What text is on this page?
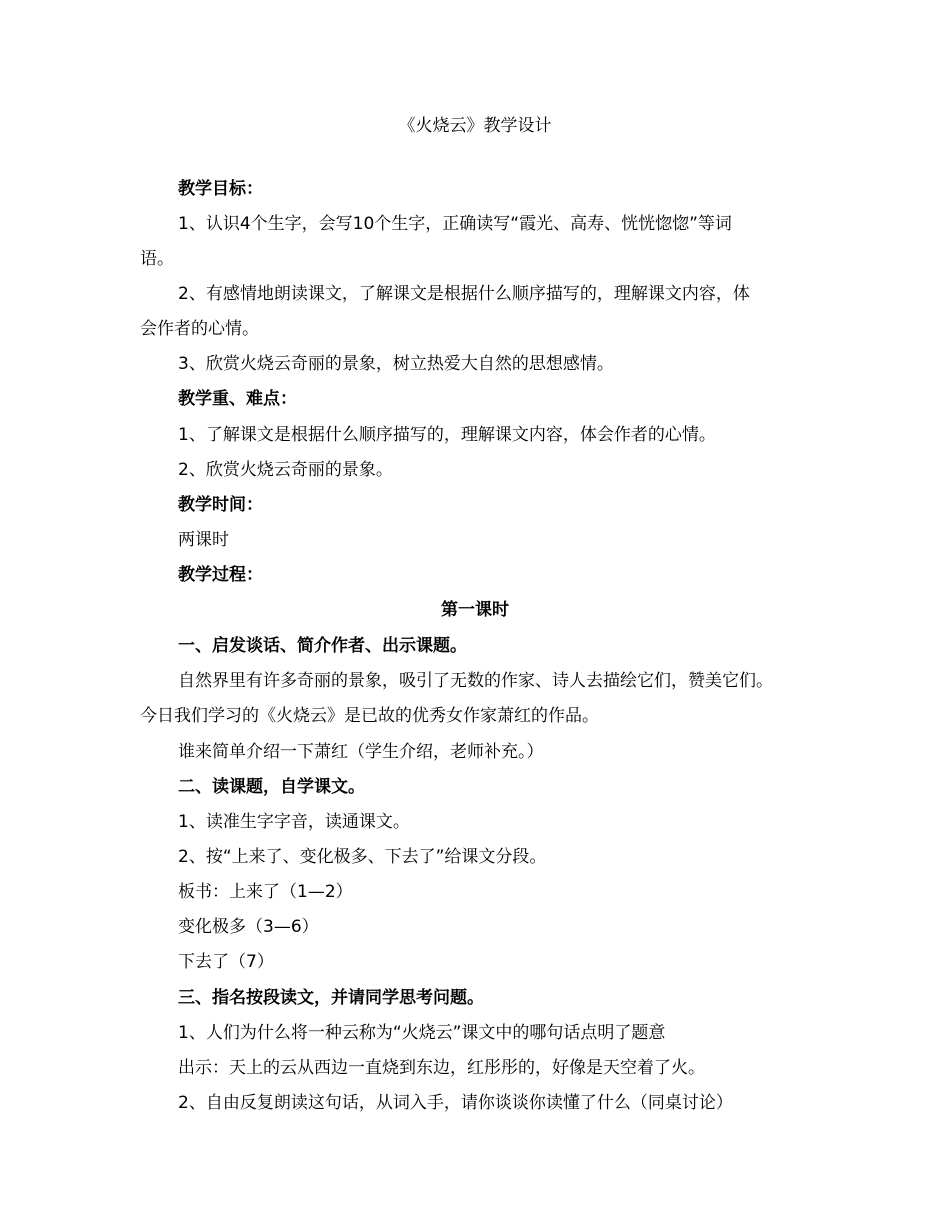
《火烧云》教学设计
教学目标：
1、认识4个生字，会写10个生字，正确读写“霞光、高寿、恍恍惚惚”等词
语。
2、有感情地朗读课文，了解课文是根据什么顺序描写的，理解课文内容，体
会作者的心情。
3、欣赏火烧云奇丽的景象，树立热爱大自然的思想感情。
教学重、难点：
1、了解课文是根据什么顺序描写的，理解课文内容，体会作者的心情。
2、欣赏火烧云奇丽的景象。
教学时间：
两课时
教学过程：
第一课时
一、启发谈话、简介作者、出示课题。
自然界里有许多奇丽的景象，吸引了无数的作家、诗人去描绘它们，赞美它们。
今日我们学习的《火烧云》是已故的优秀女作家萧红的作品。
谁来简单介绍一下萧红（学生介绍，老师补充。）
二、读课题，自学课文。
1、读准生字字音，读通课文。
2、按“上来了、变化极多、下去了”给课文分段。
板书：上来了（1—2）
变化极多（3—6）
下去了（7）
三、指名按段读文，并请同学思考问题。
1、人们为什么将一种云称为“火烧云”课文中的哪句话点明了题意
出示：天上的云从西边一直烧到东边，红彤彤的，好像是天空着了火。
2、自由反复朗读这句话，从词入手，请你谈谈你读懂了什么（同桌讨论）
